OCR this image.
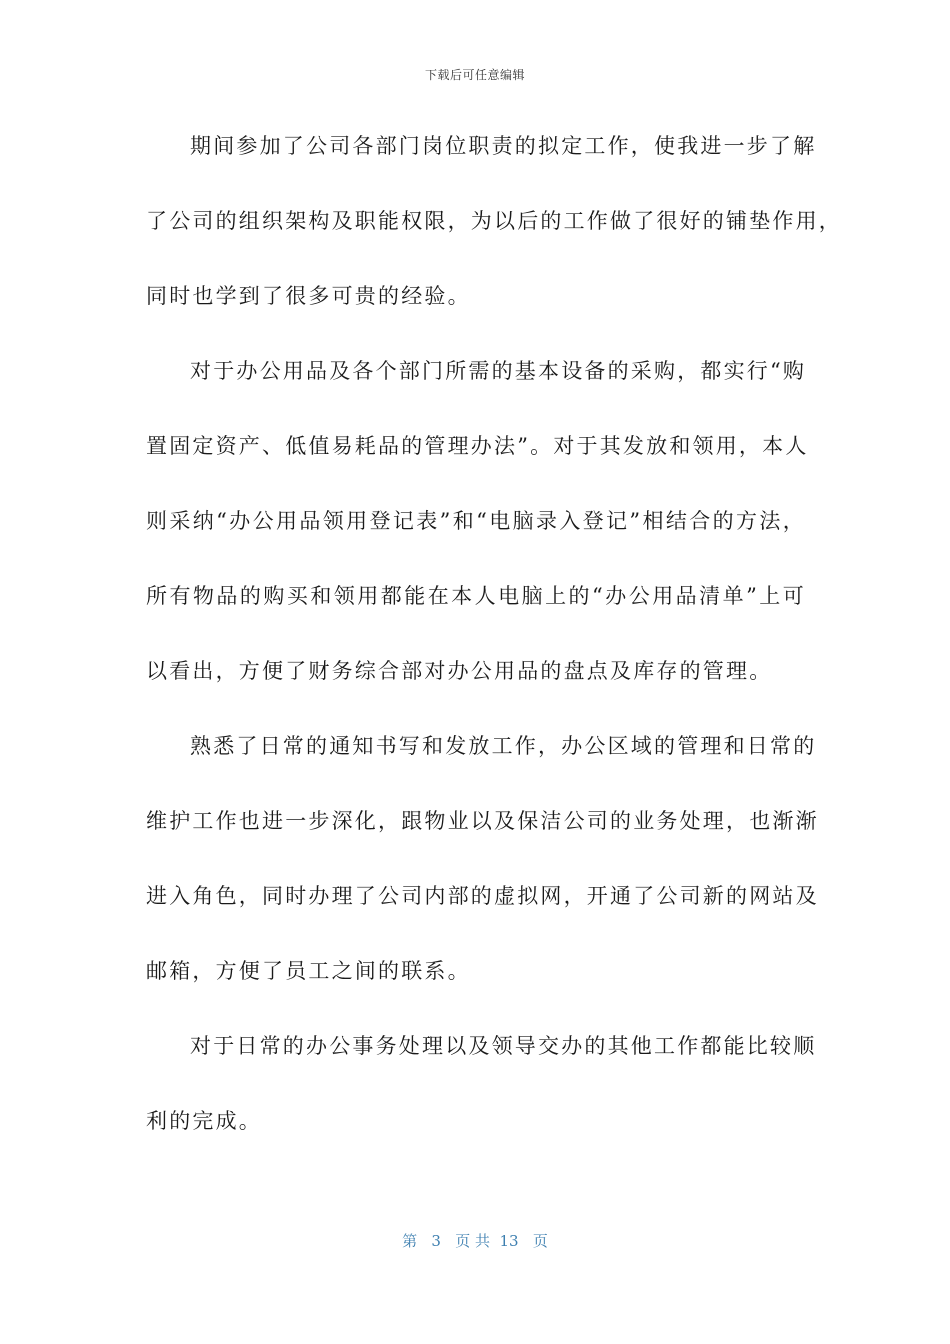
下载后可任意编辑
期间参加了公司各部门岗位职责的拟定工作，使我进一步了解
了公司的组织架构及职能权限，为以后的工作做了很好的铺垫作用，
同时也学到了很多可贵的经验。
对于办公用品及各个部门所需的基本设备的采购，都实行“购
置固定资产、低值易耗品的管理办法”。对于其发放和领用，本人
则采纳“办公用品领用登记表”和“电脑录入登记”相结合的方法，
所有物品的购买和领用都能在本人电脑上的“办公用品清单”上可
以看出，方便了财务综合部对办公用品的盘点及库存的管理。
熟悉了日常的通知书写和发放工作，办公区域的管理和日常的
维护工作也进一步深化，跟物业以及保洁公司的业务处理，也渐渐
进入角色，同时办理了公司内部的虚拟网，开通了公司新的网站及
邮箱，方便了员工之间的联系。
对于日常的办公事务处理以及领导交办的其他工作都能比较顺
利的完成。
第   3   页 共  13   页
